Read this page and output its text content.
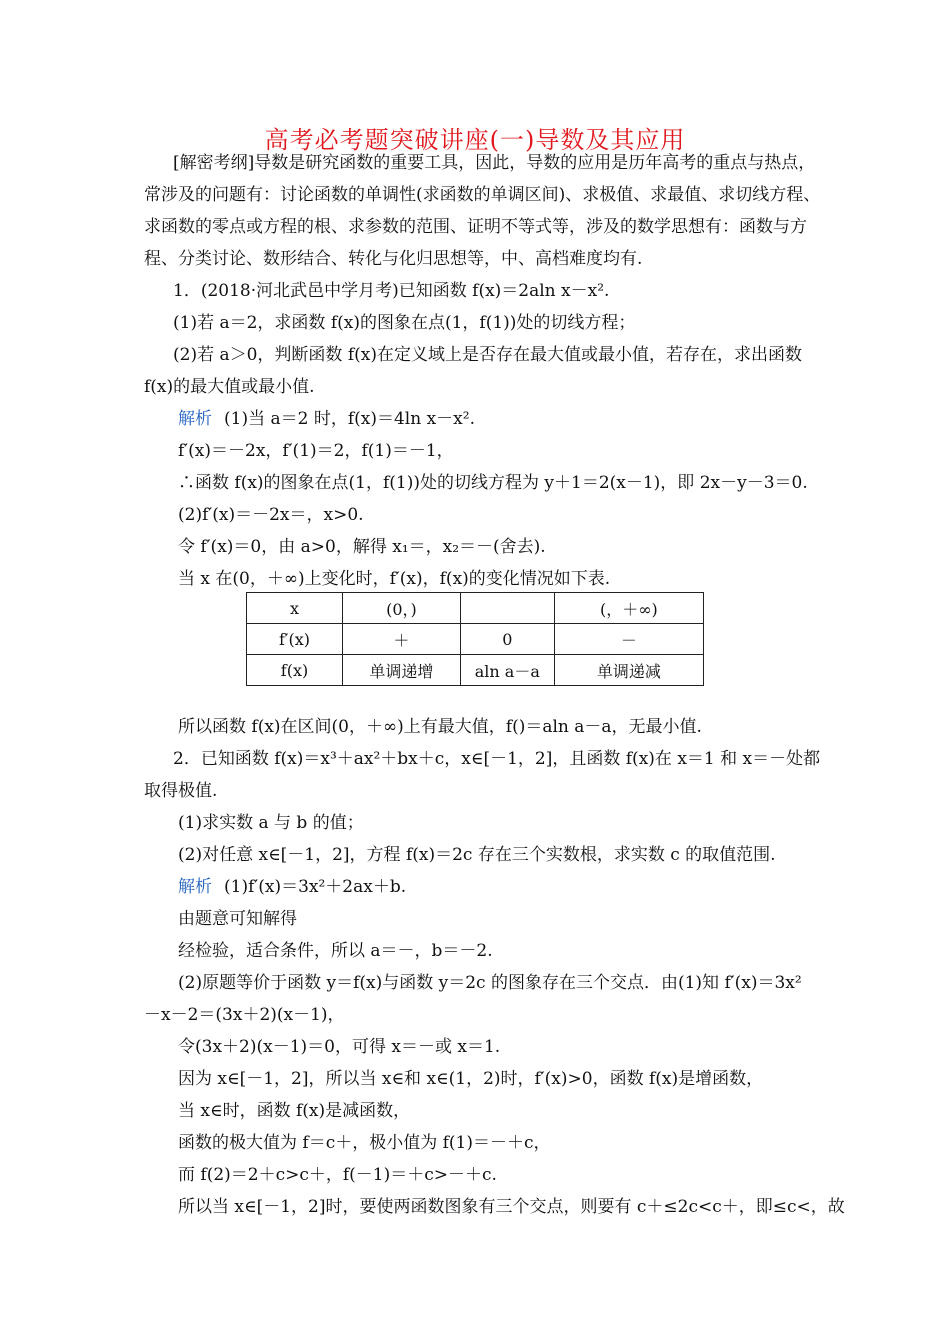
高考必考题突破讲座(一)导数及其应用
[解密考纲]导数是研究函数的重要工具，因此，导数的应用是历年高考的重点与热点，
常涉及的问题有：讨论函数的单调性(求函数的单调区间)、求极值、求最值、求切线方程、
求函数的零点或方程的根、求参数的范围、证明不等式等，涉及的数学思想有：函数与方
程、分类讨论、数形结合、转化与化归思想等，中、高档难度均有.
1．(2018·河北武邑中学月考)已知函数 f(x)＝2aln x－x².
(1)若 a＝2，求函数 f(x)的图象在点(1，f(1))处的切线方程；
(2)若 a＞0，判断函数 f(x)在定义域上是否存在最大值或最小值，若存在，求出函数
f(x)的最大值或最小值.
解析 (1)当 a＝2 时，f(x)＝4ln x－x².
f′(x)＝－2x，f′(1)＝2，f(1)＝－1，
∴函数 f(x)的图象在点(1，f(1))处的切线方程为 y＋1＝2(x－1)，即 2x－y－3＝0.
(2)f′(x)＝－2x＝，x>0.
令 f′(x)＝0，由 a>0，解得 x₁＝，x₂＝－(舍去).
当 x 在(0，＋∞)上变化时，f′(x)，f(x)的变化情况如下表.
所以函数 f(x)在区间(0，＋∞)上有最大值，f()＝aln a－a，无最小值.
2．已知函数 f(x)＝x³＋ax²＋bx＋c，x∈[－1，2]，且函数 f(x)在 x＝1 和 x＝－处都
取得极值.
(1)求实数 a 与 b 的值；
(2)对任意 x∈[－1，2]，方程 f(x)＝2c 存在三个实数根，求实数 c 的取值范围.
解析 (1)f′(x)＝3x²＋2ax＋b.
由题意可知解得
经检验，适合条件，所以 a＝－，b＝－2.
(2)原题等价于函数 y＝f(x)与函数 y＝2c 的图象存在三个交点．由(1)知 f′(x)＝3x²
－x－2＝(3x＋2)(x－1)，
令(3x＋2)(x－1)＝0，可得 x＝－或 x＝1.
因为 x∈[－1，2]，所以当 x∈和 x∈(1，2)时，f′(x)>0，函数 f(x)是增函数，
当 x∈时，函数 f(x)是减函数，
函数的极大值为 f＝c＋，极小值为 f(1)＝－＋c，
而 f(2)＝2＋c>c＋，f(－1)＝＋c>－＋c.
所以当 x∈[－1，2]时，要使两函数图象有三个交点，则要有 c＋≤2c<c＋，即≤c<，故
x	(0，)		(，＋∞)
f′(x)	＋	0	－
f(x)	单调递增	aln a－a	单调递减
